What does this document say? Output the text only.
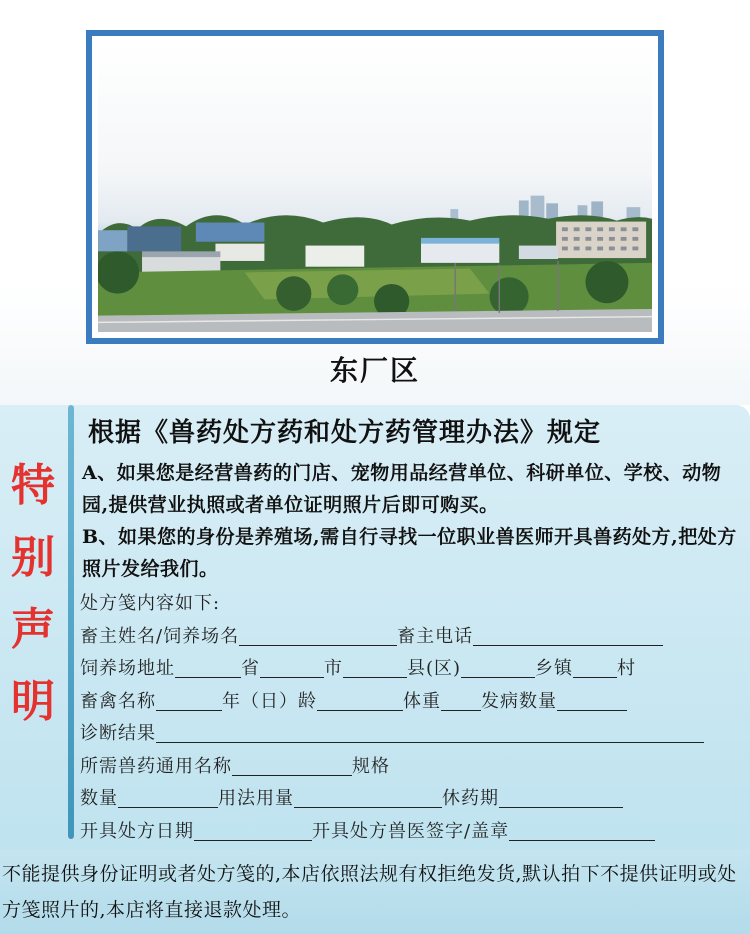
东厂区
特
别
声
明
根据《兽药处方药和处方药管理办法》规定
A、如果您是经营兽药的门店、宠物用品经营单位、科研单位、学校、动物园,提供营业执照或者单位证明照片后即可购买。
B、如果您的身份是养殖场,需自行寻找一位职业兽医师开具兽药处方,把处方照片发给我们。
处方笺内容如下:
畜主姓名/饲养场名	畜主电话
饲养场地址	省	市	县(区)	乡镇 村
畜禽名称	年（日）龄	体重 发病数量
诊断结果
所需兽药通用名称	规格
数量	用法用量	休药期
开具处方日期	开具处方兽医签字/盖章
不能提供身份证明或者处方笺的,本店依照法规有权拒绝发货,默认拍下不提供证明或处方笺照片的,本店将直接退款处理。
